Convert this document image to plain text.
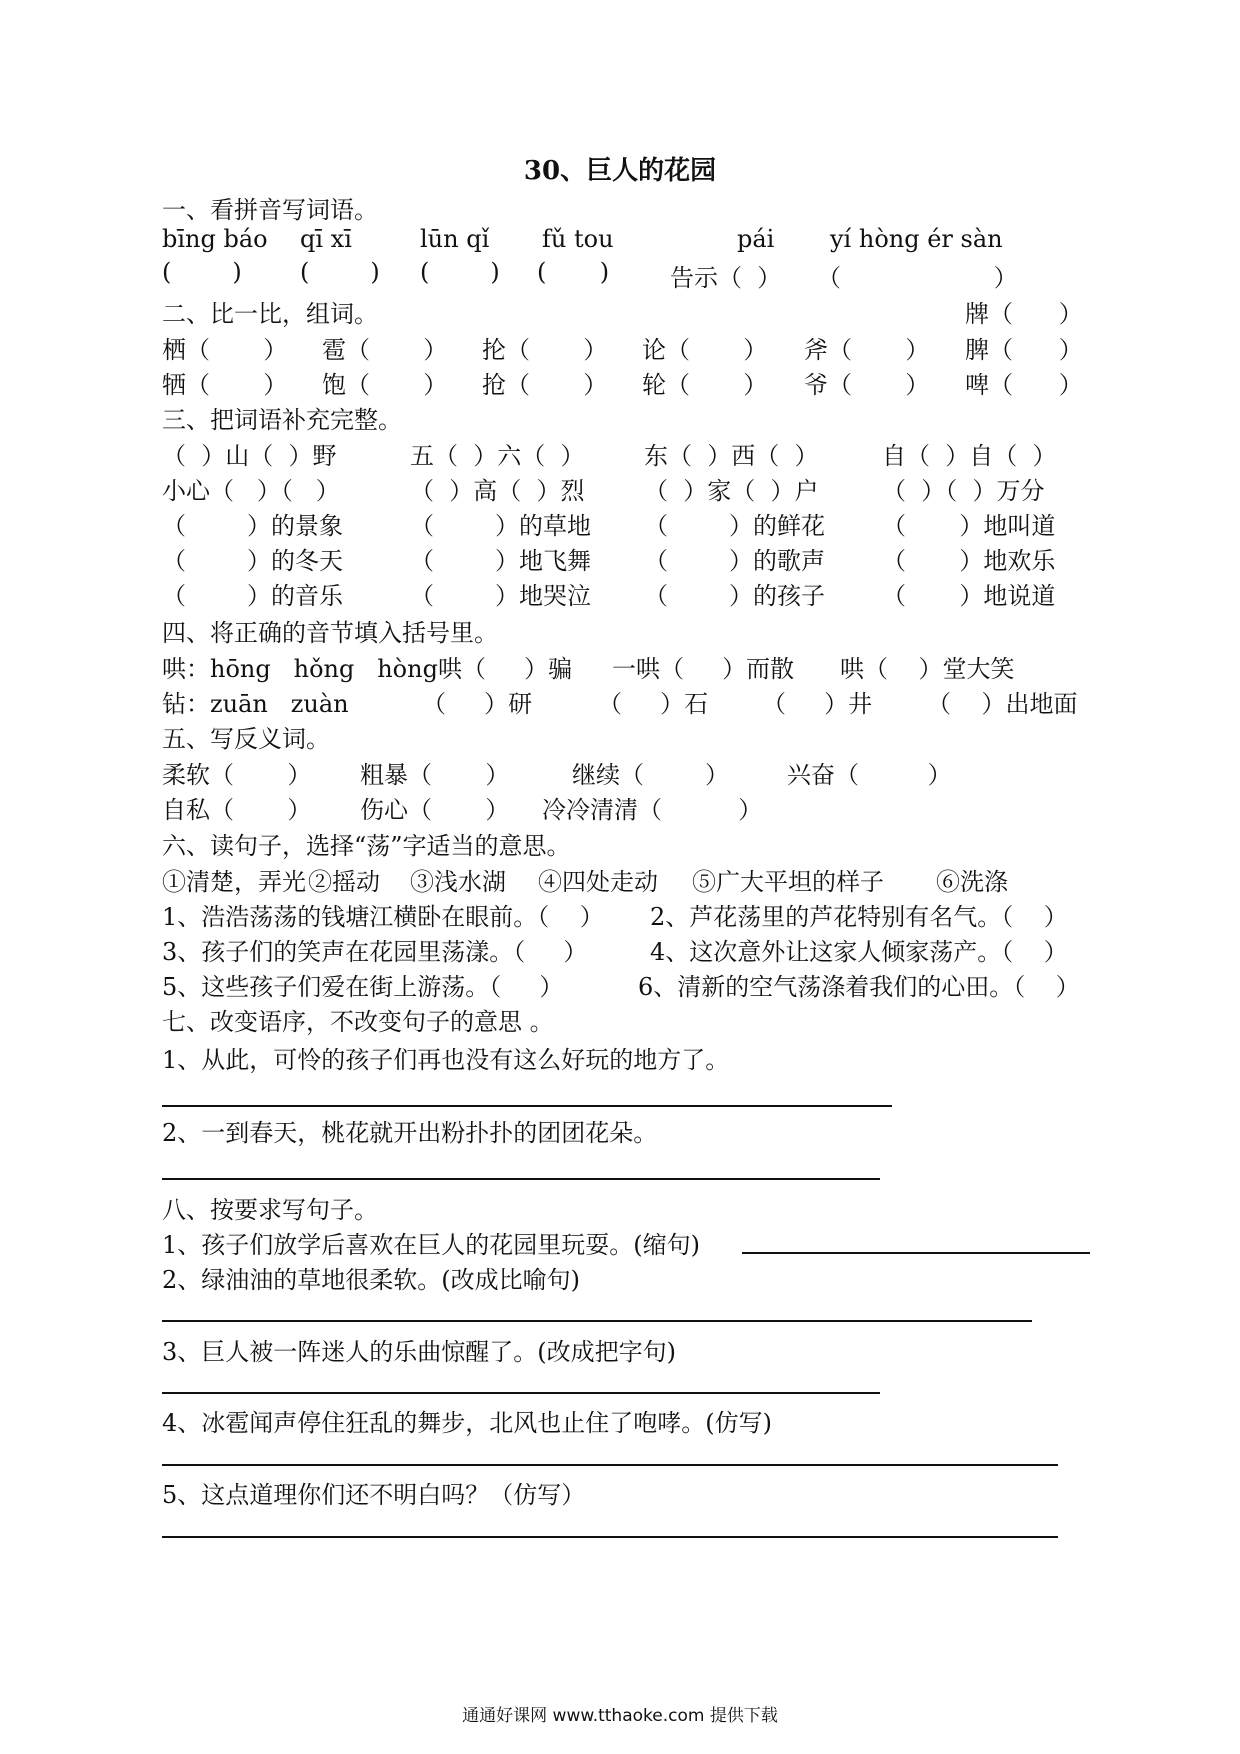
30、巨人的花园
一、看拼音写词语。
bīng báo qī xī	lūn qǐ fǔ tou	pái yí hòng ér sàn
(        ) (        ) (        ) (       )	告示（  ） （                    ）
二、比一比，组词。	牌（      ）
栖（       ） 雹（       ） 抡（       ） 论（       ） 斧（       ） 脾（      ）
牺（       ） 饱（       ） 抢（       ） 轮（       ） 爷（       ） 啤（      ）
三、把词语补充完整。
（  ）山（  ）野	五（  ）六（  ） 东（  ）西（  ）	自（  ）自（  ）
小心（   ）（   ）	（  ）高（  ）烈 （  ）家（  ）户	（  ）（  ）万分
（        ）的景象	（        ）的草地 （        ）的鲜花 （       ）地叫道
（        ）的冬天	（        ）地飞舞 （        ）的歌声 （       ）地欢乐
（        ）的音乐	（        ）地哭泣 （        ）的孩子 （       ）地说道
四、将正确的音节填入括号里。
哄：hōng   hǒng   hòng 哄（     ）骗 一哄（     ）而散 哄（    ）堂大笑
钻：zuān   zuàn	（     ）研	（     ）石 （     ）井 （    ）出地面
五、写反义词。
柔软（       ） 粗暴（       ）	继续（        ） 兴奋（         ）
自私（       ） 伤心（       ） 冷冷清清（          ）
六、读句子，选择“荡”字适当的意思。
①清楚，弄光 ②摇动 ③浅水湖 ④四处走动 ⑤广大平坦的样子 ⑥洗涤
1、浩浩荡荡的钱塘江横卧在眼前。（    ） 2、芦花荡里的芦花特别有名气。（    ）
3、孩子们的笑声在花园里荡漾。（     ）	4、这次意外让这家人倾家荡产。（    ）
5、这些孩子们爱在街上游荡。（     ）	6、清新的空气荡涤着我们的心田。（    ）
七、改变语序，不改变句子的意思 。
1、从此，可怜的孩子们再也没有这么好玩的地方了。
2、一到春天，桃花就开出粉扑扑的团团花朵。
八、按要求写句子。
1、孩子们放学后喜欢在巨人的花园里玩耍。(缩句)
2、绿油油的草地很柔软。(改成比喻句)
3、巨人被一阵迷人的乐曲惊醒了。(改成把字句)
4、冰雹闻声停住狂乱的舞步，北风也止住了咆哮。(仿写)
5、这点道理你们还不明白吗？（仿写）
通通好课网 www.tthaoke.com 提供下载
